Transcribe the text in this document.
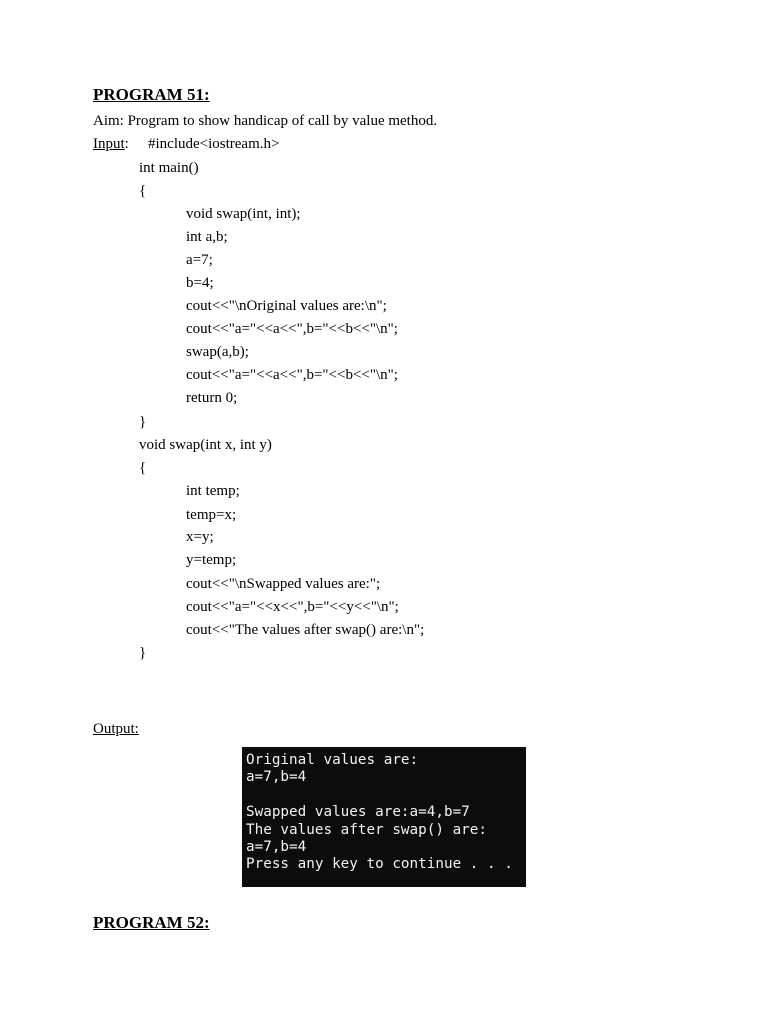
PROGRAM 51:
Aim: Program to show handicap of call by value method.
Input: #include<iostream.h>
int main()
{
void swap(int, int);
int a,b;
a=7;
b=4;
cout<<"\nOriginal values are:\n";
cout<<"a="<<a<<",b="<<b<<"\n";
swap(a,b);
cout<<"a="<<a<<",b="<<b<<"\n";
return 0;
}
void swap(int x, int y)
{
int temp;
temp=x;
x=y;
y=temp;
cout<<"\nSwapped values are:";
cout<<"a="<<x<<",b="<<y<<"\n";
cout<<"The values after swap() are:\n";
}
Output:
Original values are:
a=7,b=4
Swapped values are:a=4,b=7
The values after swap() are:
a=7,b=4
Press any key to continue . . .
PROGRAM 52:
